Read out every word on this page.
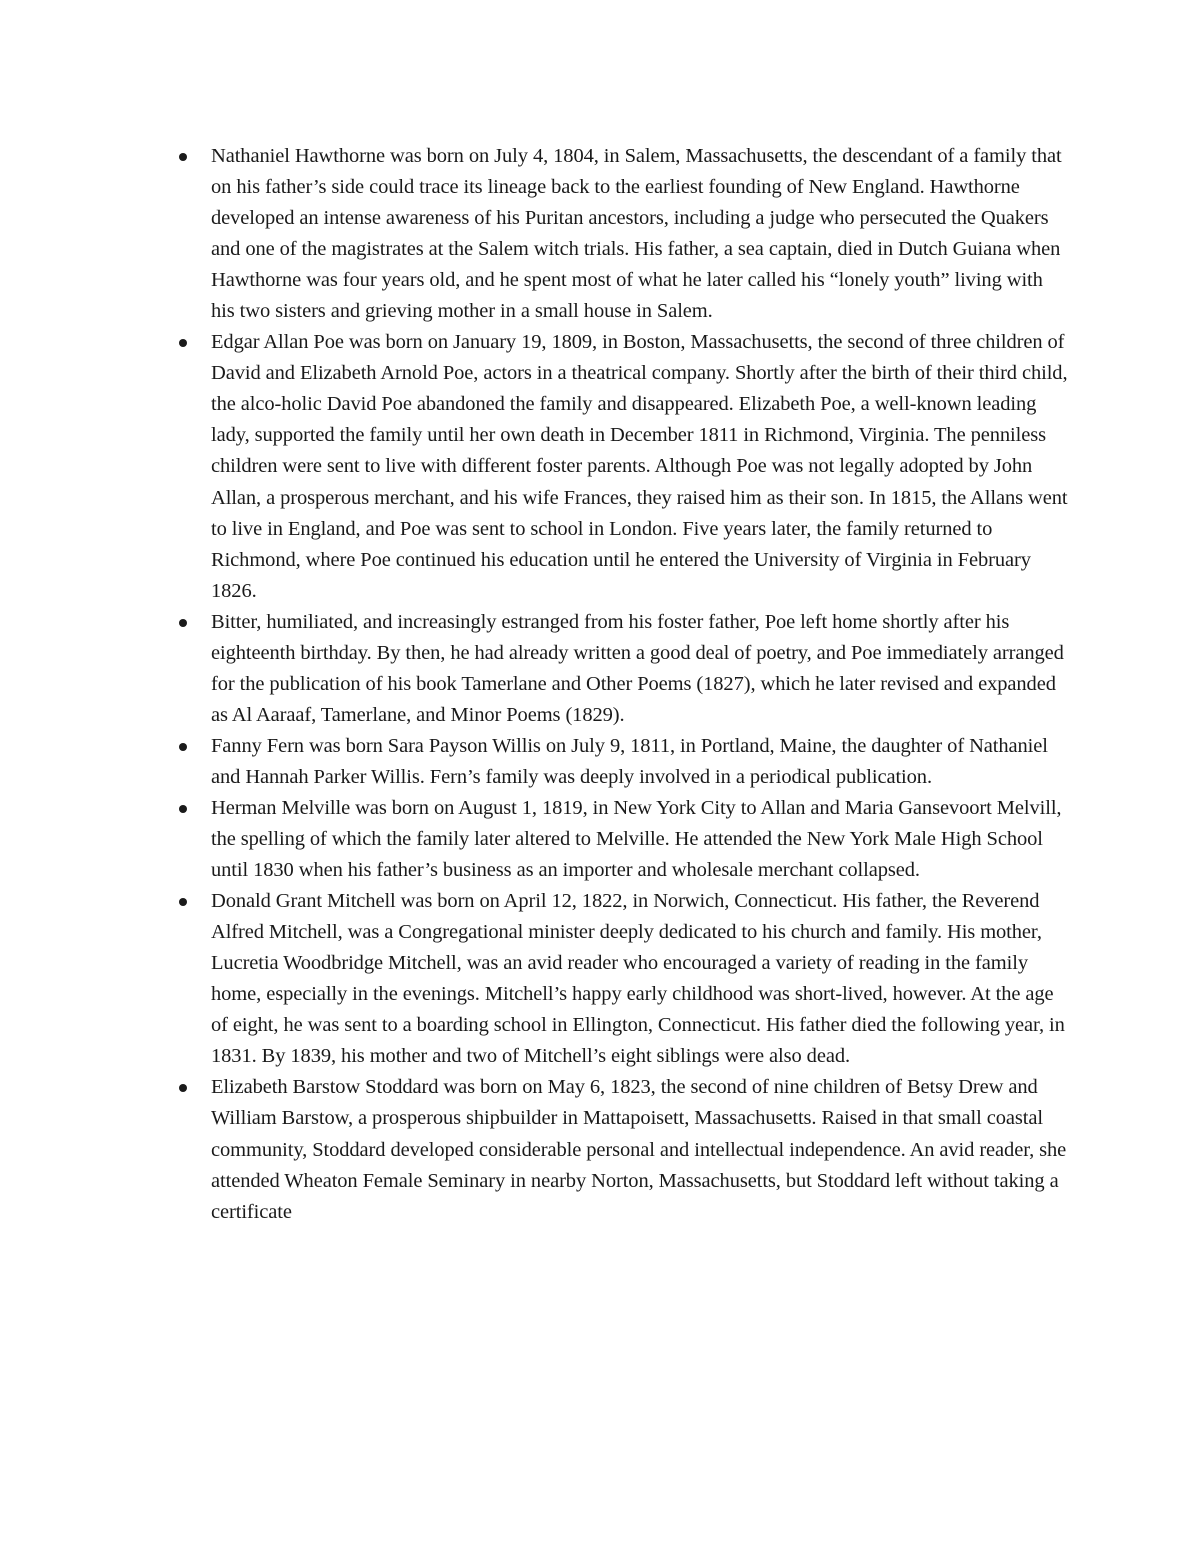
Nathaniel Hawthorne was born on July 4, 1804, in Salem, Massachusetts, the descendant of a family that on his father’s side could trace its lineage back to the earliest founding of New England. Hawthorne developed an intense awareness of his Puritan ancestors, including a judge who persecuted the Quakers and one of the magistrates at the Salem witch trials. His father, a sea captain, died in Dutch Guiana when Hawthorne was four years old, and he spent most of what he later called his “lonely youth” living with his two sisters and grieving mother in a small house in Salem.
Edgar Allan Poe was born on January 19, 1809, in Boston, Massachusetts, the second of three children of David and Elizabeth Arnold Poe, actors in a theatrical company. Shortly after the birth of their third child, the alco-holic David Poe abandoned the family and disappeared. Elizabeth Poe, a well-known leading lady, supported the family until her own death in December 1811 in Richmond, Virginia. The penniless children were sent to live with different foster parents. Although Poe was not legally adopted by John Allan, a prosperous merchant, and his wife Frances, they raised him as their son. In 1815, the Allans went to live in England, and Poe was sent to school in London. Five years later, the family returned to Richmond, where Poe continued his education until he entered the University of Virginia in February 1826.
Bitter, humiliated, and increasingly estranged from his foster father, Poe left home shortly after his eighteenth birthday. By then, he had already written a good deal of poetry, and Poe immediately arranged for the publication of his book Tamerlane and Other Poems (1827), which he later revised and expanded as Al Aaraaf, Tamerlane, and Minor Poems (1829).
Fanny Fern was born Sara Payson Willis on July 9, 1811, in Portland, Maine, the daughter of Nathaniel and Hannah Parker Willis. Fern’s family was deeply involved in a periodical publication.
Herman Melville was born on August 1, 1819, in New York City to Allan and Maria Gansevoort Melvill, the spelling of which the family later altered to Melville. He attended the New York Male High School until 1830 when his father’s business as an importer and wholesale merchant collapsed.
Donald Grant Mitchell was born on April 12, 1822, in Norwich, Connecticut. His father, the Reverend Alfred Mitchell, was a Congregational minister deeply dedicated to his church and family. His mother, Lucretia Woodbridge Mitchell, was an avid reader who encouraged a variety of reading in the family home, especially in the evenings. Mitchell’s happy early childhood was short-lived, however. At the age of eight, he was sent to a boarding school in Ellington, Connecticut. His father died the following year, in 1831. By 1839, his mother and two of Mitchell’s eight siblings were also dead.
Elizabeth Barstow Stoddard was born on May 6, 1823, the second of nine children of Betsy Drew and William Barstow, a prosperous shipbuilder in Mattapoisett, Massachusetts. Raised in that small coastal community, Stoddard developed considerable personal and intellectual independence. An avid reader, she attended Wheaton Female Seminary in nearby Norton, Massachusetts, but Stoddard left without taking a certificate
